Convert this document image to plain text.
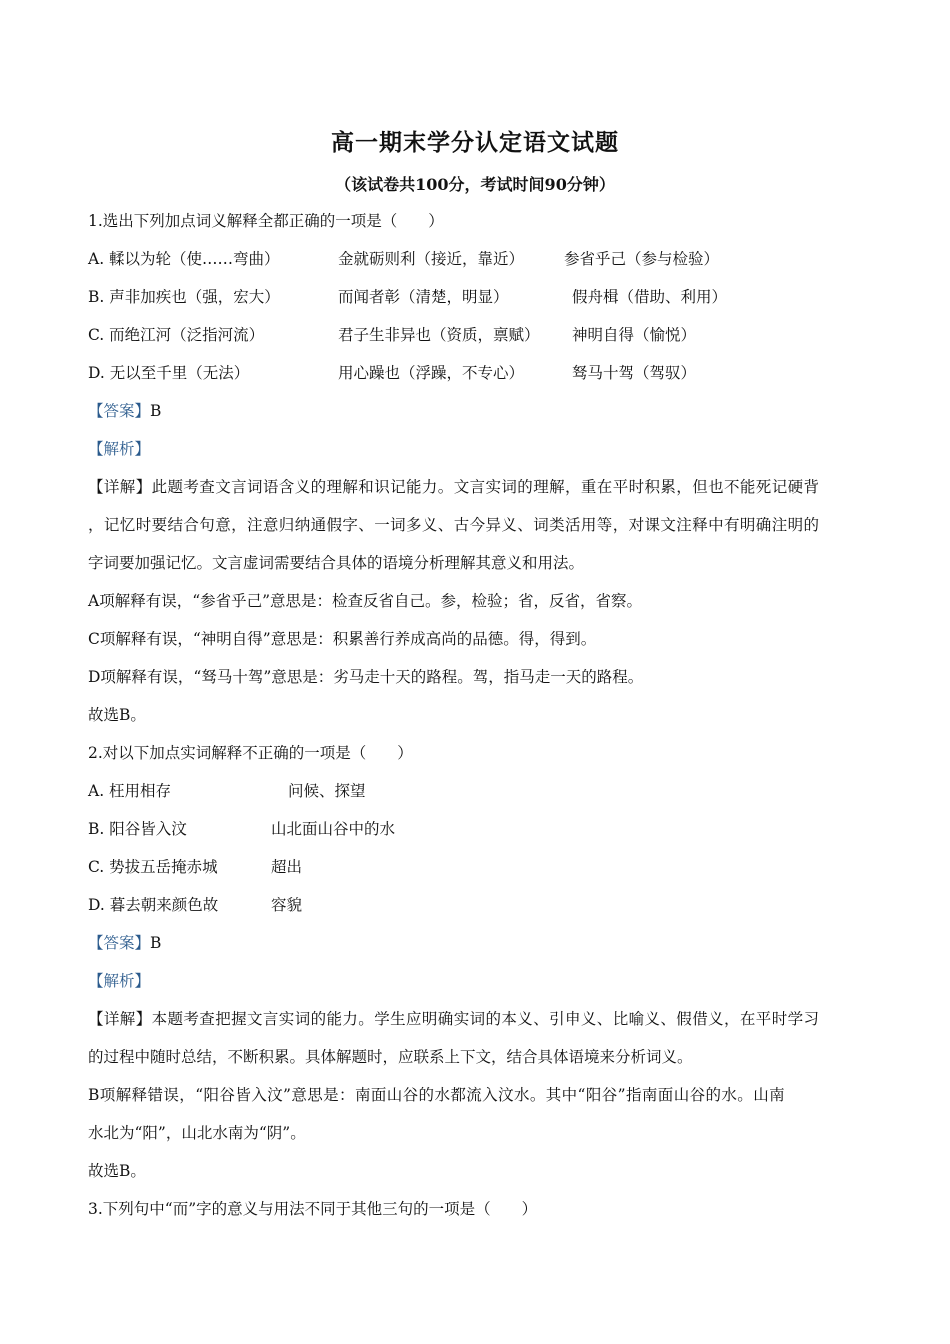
高一期末学分认定语文试题
（该试卷共100分，考试时间90分钟）
1.选出下列加点词义解释全都正确的一项是（　　）
A. 輮以为轮（使……弯曲）	金就砺则利（接近，靠近）	参省乎己（参与检验）
B. 声非加疾也（强，宏大）	而闻者彰（清楚，明显）	假舟楫（借助、利用）
C. 而绝江河（泛指河流）	君子生非异也（资质，禀赋） 神明自得（愉悦）
D. 无以至千里（无法）	用心躁也（浮躁，不专心）	驽马十驾（驾驭）
【答案】B
【解析】
【详解】此题考查文言词语含义的理解和识记能力。文言实词的理解，重在平时积累，但也不能死记硬背
，记忆时要结合句意，注意归纳通假字、一词多义、古今异义、词类活用等，对课文注释中有明确注明的
字词要加强记忆。文言虚词需要结合具体的语境分析理解其意义和用法。
A项解释有误，“参省乎己”意思是：检查反省自己。参，检验；省，反省，省察。
C项解释有误，“神明自得”意思是：积累善行养成高尚的品德。得，得到。
D项解释有误，“驽马十驾”意思是：劣马走十天的路程。驾，指马走一天的路程。
故选B。
2.对以下加点实词解释不正确的一项是（　　）
A. 枉用相存	问候、探望
B. 阳谷皆入汶	山北面山谷中的水
C. 势拔五岳掩赤城	超出
D. 暮去朝来颜色故	容貌
【答案】B
【解析】
【详解】本题考查把握文言实词的能力。学生应明确实词的本义、引申义、比喻义、假借义，在平时学习
的过程中随时总结，不断积累。具体解题时，应联系上下文，结合具体语境来分析词义。
B项解释错误，“阳谷皆入汶”意思是：南面山谷的水都流入汶水。其中“阳谷”指南面山谷的水。山南
水北为“阳”，山北水南为“阴”。
故选B。
3.下列句中“而”字的意义与用法不同于其他三句的一项是（　　）
